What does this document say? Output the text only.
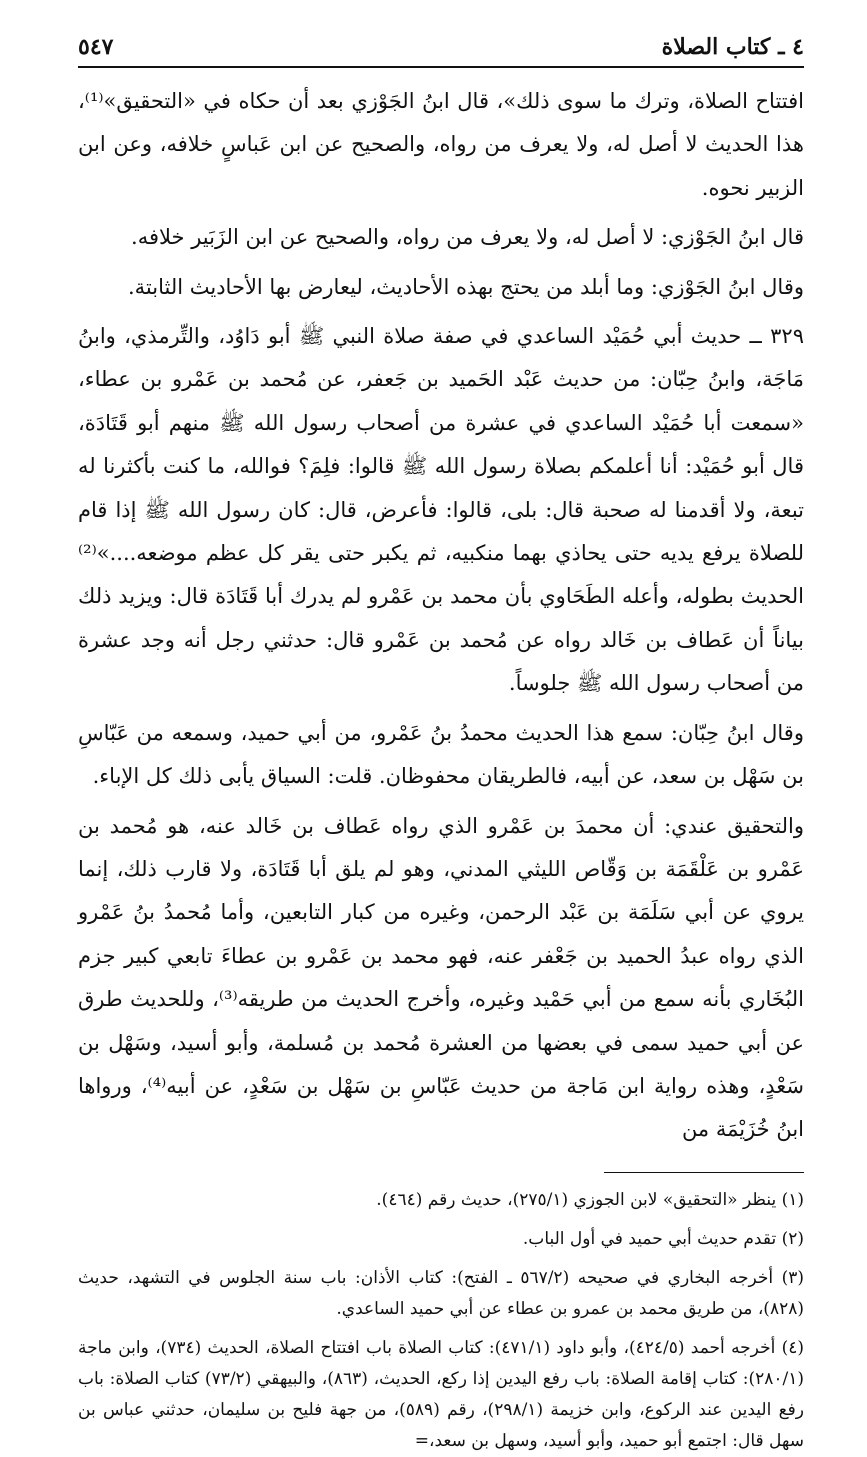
٤ ـ كتاب الصلاة
٥٤٧

افتتاح الصلاة، وترك ما سوى ذلك»، قال ابنُ الجَوْزي بعد أن حكاه في «التحقيق»⁽¹⁾، هذا الحديث لا أصل له، ولا يعرف من رواه، والصحيح عن ابن عَباسٍ خلافه، وعن ابن الزبير نحوه.

قال ابنُ الجَوْزي: لا أصل له، ولا يعرف من رواه، والصحيح عن ابن الزَبَير خلافه.

وقال ابنُ الجَوْزي: وما أبلد من يحتج بهذه الأحاديث، ليعارض بها الأحاديث الثابتة.

٣٢٩ ــ حديث أبي حُمَيْد الساعدي في صفة صلاة النبي ﷺ أبو دَاوُد، والتِّرمذي، وابنُ مَاجَة، وابنُ حِبّان: من حديث عَبْد الحَميد بن جَعفر، عن مُحمد بن عَمْرو بن عطاء، «سمعت أبا حُمَيْد الساعدي في عشرة من أصحاب رسول الله ﷺ منهم أبو قَتَادَة، قال أبو حُمَيْد: أنا أعلمكم بصلاة رسول الله ﷺ قالوا: فلِمَ؟ فوالله، ما كنت بأكثرنا له تبعة، ولا أقدمنا له صحبة قال: بلى، قالوا: فأعرض، قال: كان رسول الله ﷺ إذا قام للصلاة يرفع يديه حتى يحاذي بهما منكبيه، ثم يكبر حتى يقر كل عظم موضعه....»⁽²⁾ الحديث بطوله، وأعله الطَحَاوي بأن محمد بن عَمْرو لم يدرك أبا قَتَادَة قال: ويزيد ذلك بياناً أن عَطاف بن خَالد رواه عن مُحمد بن عَمْرو قال: حدثني رجل أنه وجد عشرة من أصحاب رسول الله ﷺ جلوساً.

وقال ابنُ حِبّان: سمع هذا الحديث محمدُ بنُ عَمْرو، من أبي حميد، وسمعه من عَبّاسِ بن سَهْل بن سعد، عن أبيه، فالطريقان محفوظان. قلت: السياق يأبى ذلك كل الإباء.

والتحقيق عندي: أن محمدَ بن عَمْرو الذي رواه عَطاف بن خَالد عنه، هو مُحمد بن عَمْرو بن عَلْقَمَة بن وَقّاص الليثي المدني، وهو لم يلق أبا قَتَادَة، ولا قارب ذلك، إنما يروي عن أبي سَلَمَة بن عَبْد الرحمن، وغيره من كبار التابعين، وأما مُحمدُ بنُ عَمْرو الذي رواه عبدُ الحميد بن جَعْفر عنه، فهو محمد بن عَمْرو بن عطاءَ تابعي كبير جزم البُخَاري بأنه سمع من أبي حَمْيد وغيره، وأخرج الحديث من طريقه⁽³⁾، وللحديث طرق عن أبي حميد سمى في بعضها من العشرة مُحمد بن مُسلمة، وأبو أسيد، وسَهْل بن سَعْدٍ، وهذه رواية ابن مَاجة من حديث عَبّاسِ بن سَهْل بن سَعْدٍ، عن أبيه⁽⁴⁾، ورواها ابنُ خُزَيْمَة من

(١) ينظر «التحقيق» لابن الجوزي (٢٧٥/١)، حديث رقم (٤٦٤).

(٢) تقدم حديث أبي حميد في أول الباب.

(٣) أخرجه البخاري في صحيحه (٥٦٧/٢ ـ الفتح): كتاب الأذان: باب سنة الجلوس في التشهد، حديث (٨٢٨)، من طريق محمد بن عمرو بن عطاء عن أبي حميد الساعدي.

(٤) أخرجه أحمد (٤٢٤/٥)، وأبو داود (٤٧١/١): كتاب الصلاة باب افتتاح الصلاة، الحديث (٧٣٤)، وابن ماجة (٢٨٠/١): كتاب إقامة الصلاة: باب رفع اليدين إذا ركع، الحديث، (٨٦٣)، والبيهقي (٧٣/٢) كتاب الصلاة: باب رفع اليدين عند الركوع، وابن خزيمة (٢٩٨/١)، رقم (٥٨٩)، من جهة فليح بن سليمان، حدثني عباس بن سهل قال: اجتمع أبو حميد، وأبو أسيد، وسهل بن سعد،=
